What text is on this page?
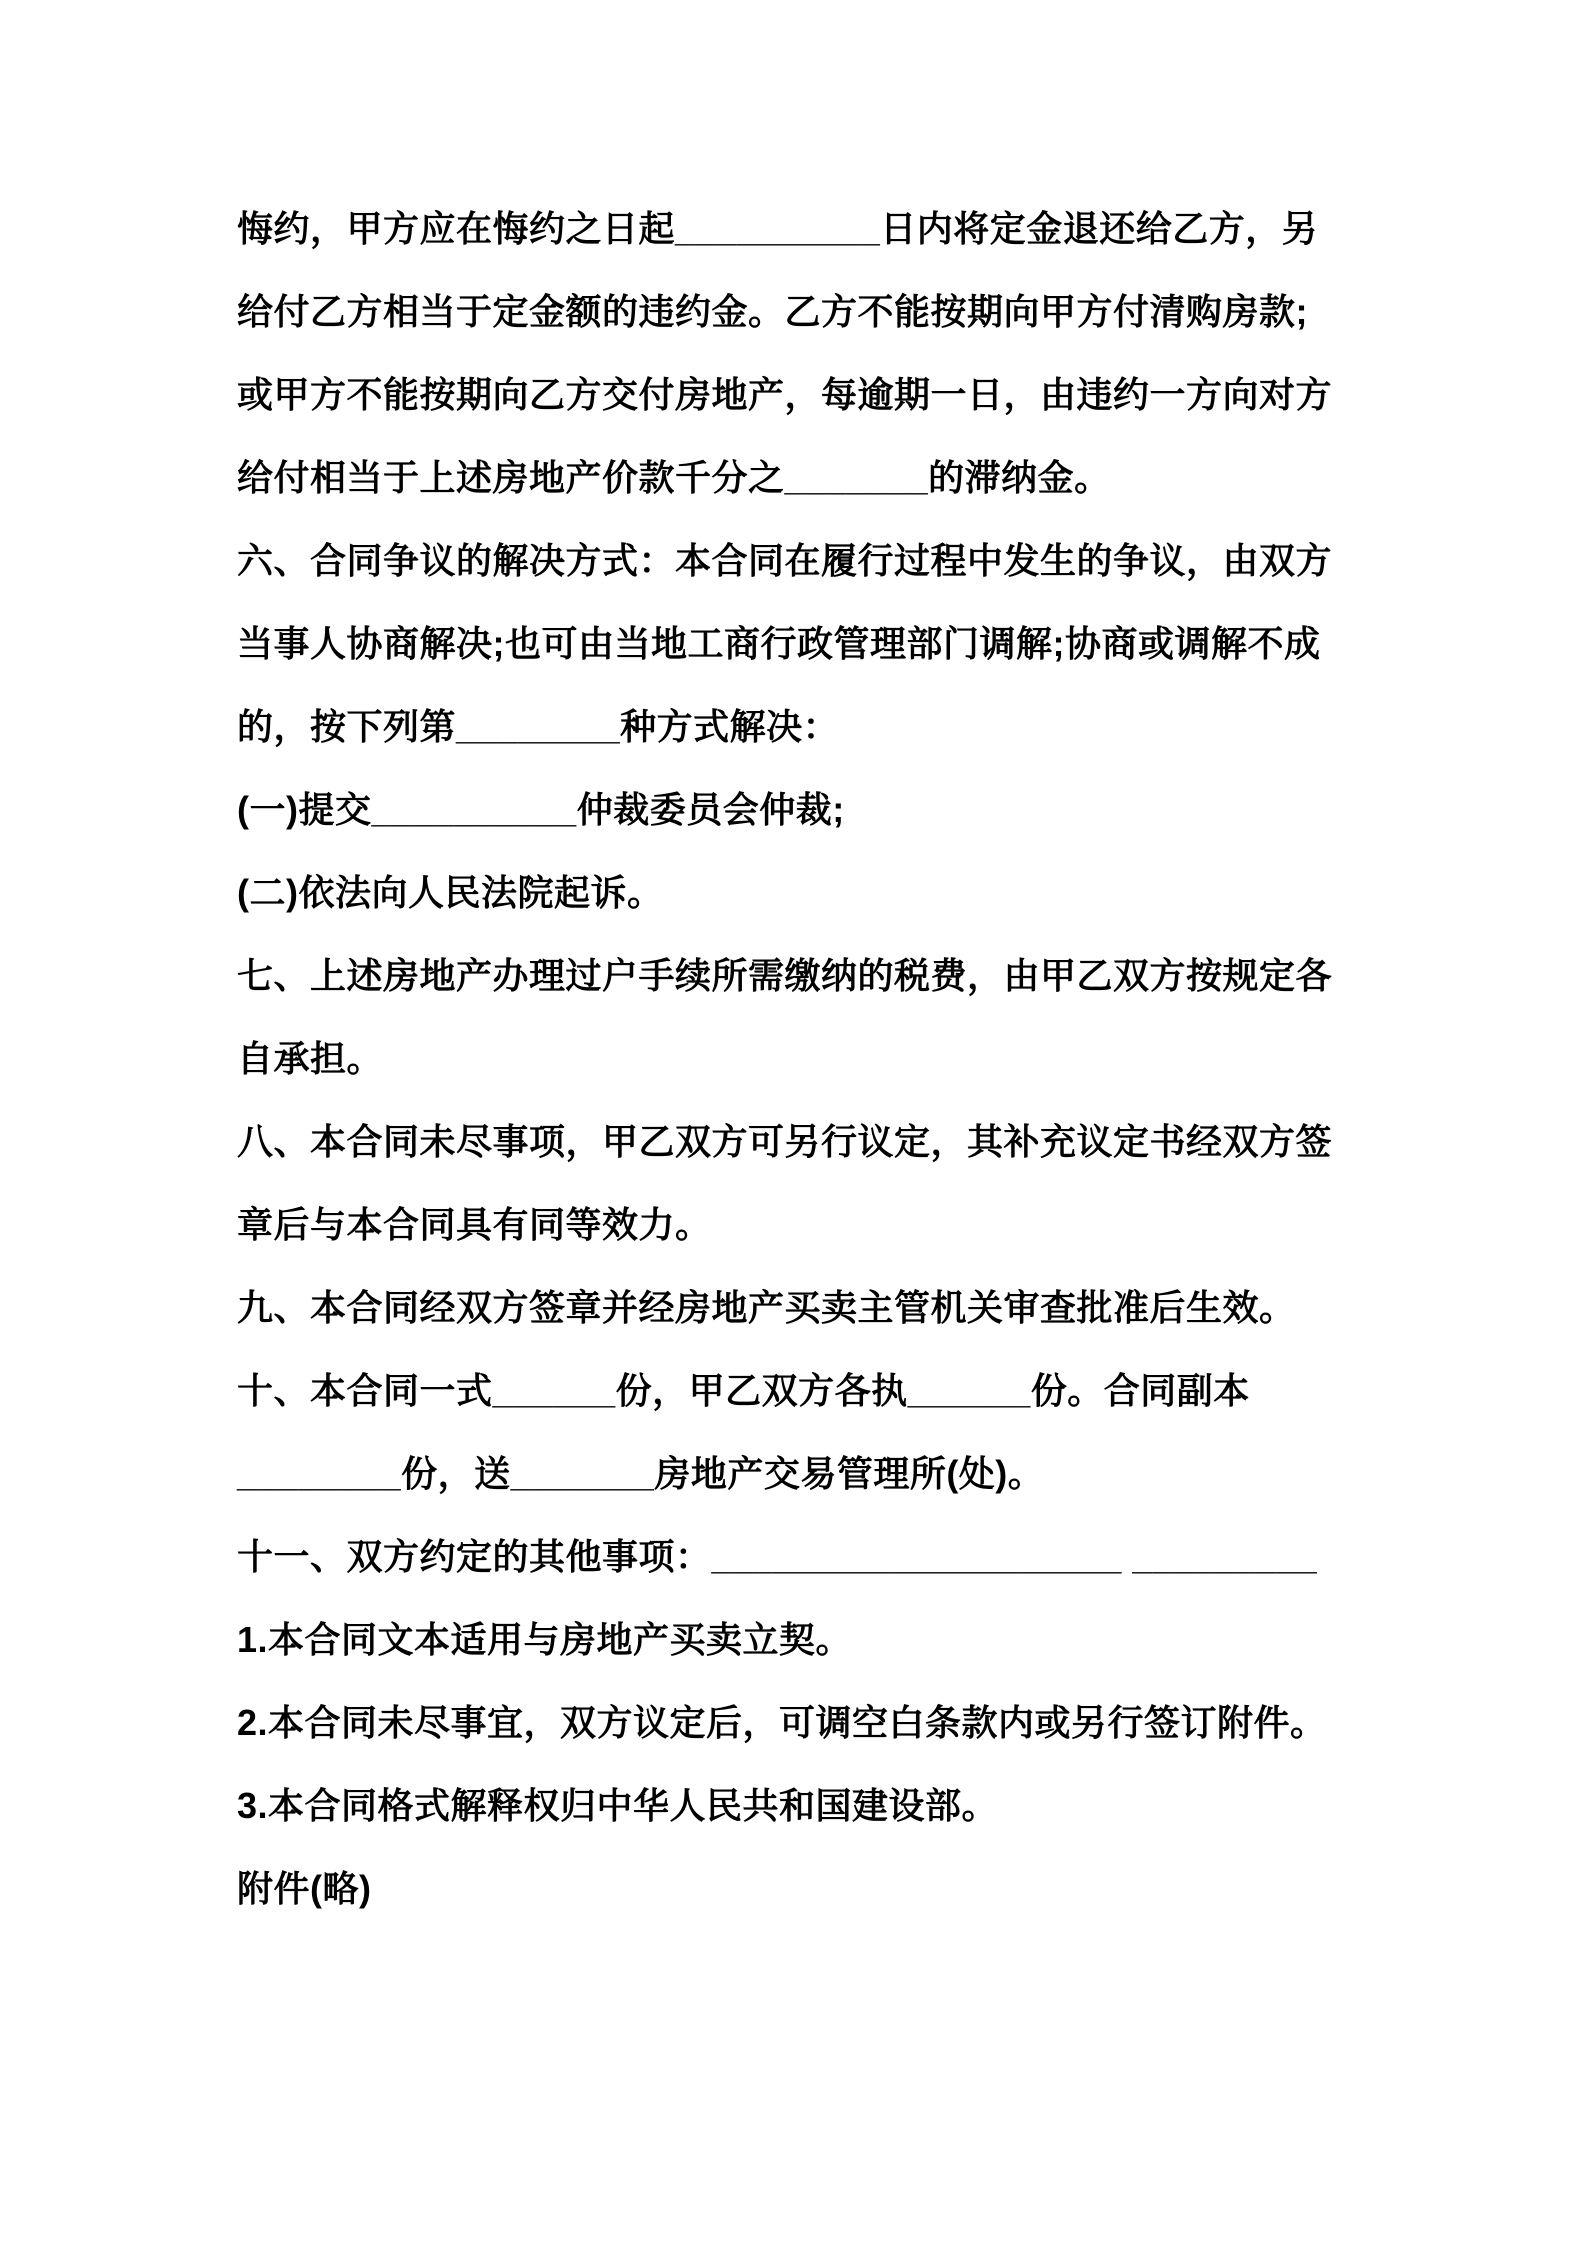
悔约，甲方应在悔约之日起__________日内将定金退还给乙方，另
给付乙方相当于定金额的违约金。乙方不能按期向甲方付清购房款;
或甲方不能按期向乙方交付房地产，每逾期一日，由违约一方向对方
给付相当于上述房地产价款千分之_______的滞纳金。
六、合同争议的解决方式：本合同在履行过程中发生的争议，由双方
当事人协商解决;也可由当地工商行政管理部门调解;协商或调解不成
的，按下列第________种方式解决：
(一)提交__________仲裁委员会仲裁;
(二)依法向人民法院起诉。
七、上述房地产办理过户手续所需缴纳的税费，由甲乙双方按规定各
自承担。
八、本合同未尽事项，甲乙双方可另行议定，其补充议定书经双方签
章后与本合同具有同等效力。
九、本合同经双方签章并经房地产买卖主管机关审查批准后生效。
十、本合同一式______份，甲乙双方各执______份。合同副本
________份，送_______房地产交易管理所(处)。
十一、双方约定的其他事项：____________________ _________
1.本合同文本适用与房地产买卖立契。
2.本合同未尽事宜，双方议定后，可调空白条款内或另行签订附件。
3.本合同格式解释权归中华人民共和国建设部。
附件(略)
